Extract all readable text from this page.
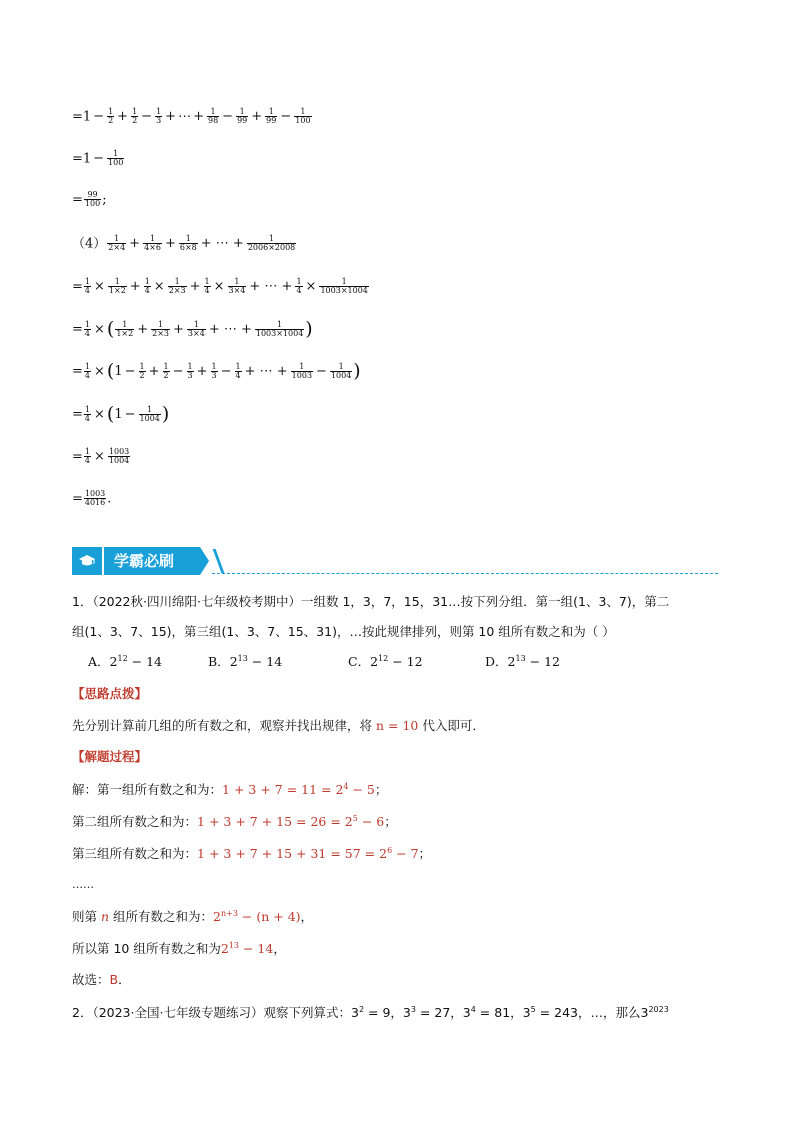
$=1 - \frac{1}{2} + \frac{1}{2} - \frac{1}{3}$ + ⋯ + $\frac{1}{98} - \frac{1}{99} + \frac{1}{99} - \frac{1}{100}$
$=1 - \frac{1}{100}$
= $\frac{99}{100}$ ;
$(4) \frac{1}{2\times 4} + \frac{1}{4\times 6} + \frac{1}{6\times 8}$ + ⋯ + $\frac{1}{2006\times 2008}$
= $\frac{1}{4} \times \frac{1}{1\times 2} + \frac{1}{4} \times \frac{1}{2\times 3} + \frac{1}{4} \times \frac{1}{3\times 4}$ + ⋯ + $\frac{1}{4} \times \frac{1}{1003\times 1004}$
= $\frac{1}{4}$ × ( $\frac{1}{1\times 2} + \frac{1}{2\times 3} + \frac{1}{3\times 4}$ + ⋯ + $\frac{1}{1003\times 1004}$ )
= $\frac{1}{4} \times (1 - \frac{1}{2} + \frac{1}{2} - \frac{1}{3} + \frac{1}{3} - \frac{1}{4}$ + ⋯ + $\frac{1}{1003} - \frac{1}{1004}$ )
= $\frac{1}{4} \times (1 - \frac{1}{1004}$ )
= $\frac{1}{4} \times \frac{1003}{1004}$
= $\frac{1003}{4016}$ .
学霸必刷
1．（2022秋·四川绵阳·七年级校考期中）一组数 1，3，7，15，31…按下列分组．第一组(1、3、7)，第二
组(1、3、7、15)，第三组(1、3、7、15、31)，…按此规律排列，则第 10 组所有数之和为（ ）
A．$2^{12} - 14$	B．$2^{13} - 14$	C．$2^{12} - 12$	D．$2^{13} - 12$
【思路点拨】
先分别计算前几组的所有数之和，观察并找出规律，将 n = 10 代入即可．
【解题过程】
解：第一组所有数之和为：$1 + 3 + 7 = 11 = 2^4 - 5$；
第二组所有数之和为：$1 + 3 + 7 + 15 = 26 = 2^5 - 6$；
第三组所有数之和为：$1 + 3 + 7 + 15 + 31 = 57 = 2^6 - 7$；
……
则第 n 组所有数之和为：$2^{n+3} - (n + 4)$，
所以第 10 组所有数之和为$2^{13} - 14$，
故选：B．
2．（2023·全国·七年级专题练习）观察下列算式：$3^2 = 9$，$3^3 = 27$，$3^4 = 81$，$3^5 = 243$，…，那么$3^{2023}$
